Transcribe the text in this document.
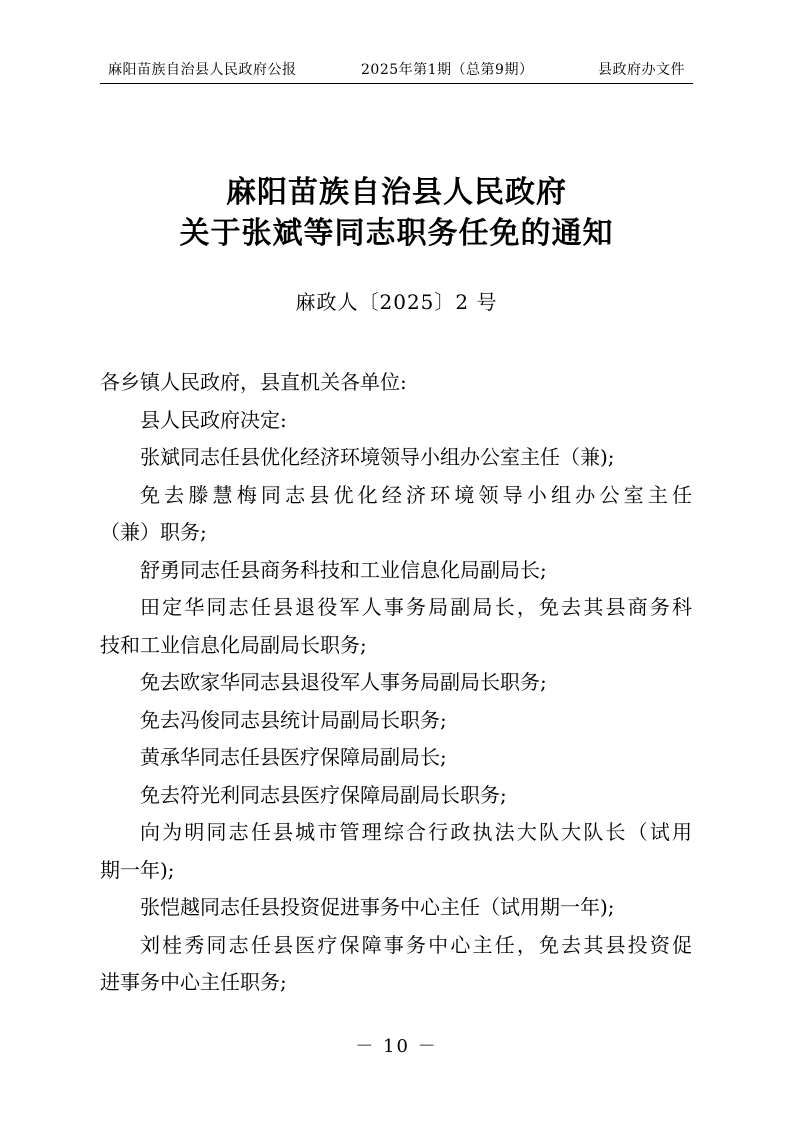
麻阳苗族自治县人民政府公报	2025年第1期（总第9期）	县政府办文件
麻阳苗族自治县人民政府
关于张斌等同志职务任免的通知
麻政人〔2025〕2 号

各乡镇人民政府，县直机关各单位:

县人民政府决定:

张斌同志任县优化经济环境领导小组办公室主任（兼);

免去滕慧梅同志县优化经济环境领导小组办公室主任

（兼）职务;

舒勇同志任县商务科技和工业信息化局副局长;

田定华同志任县退役军人事务局副局长，免去其县商务科

技和工业信息化局副局长职务;

免去欧家华同志县退役军人事务局副局长职务;

免去冯俊同志县统计局副局长职务;

黄承华同志任县医疗保障局副局长;

免去符光利同志县医疗保障局副局长职务;

向为明同志任县城市管理综合行政执法大队大队长（试用

期一年);

张恺越同志任县投资促进事务中心主任（试用期一年);

刘桂秀同志任县医疗保障事务中心主任，免去其县投资促

进事务中心主任职务;

－ 10 －
